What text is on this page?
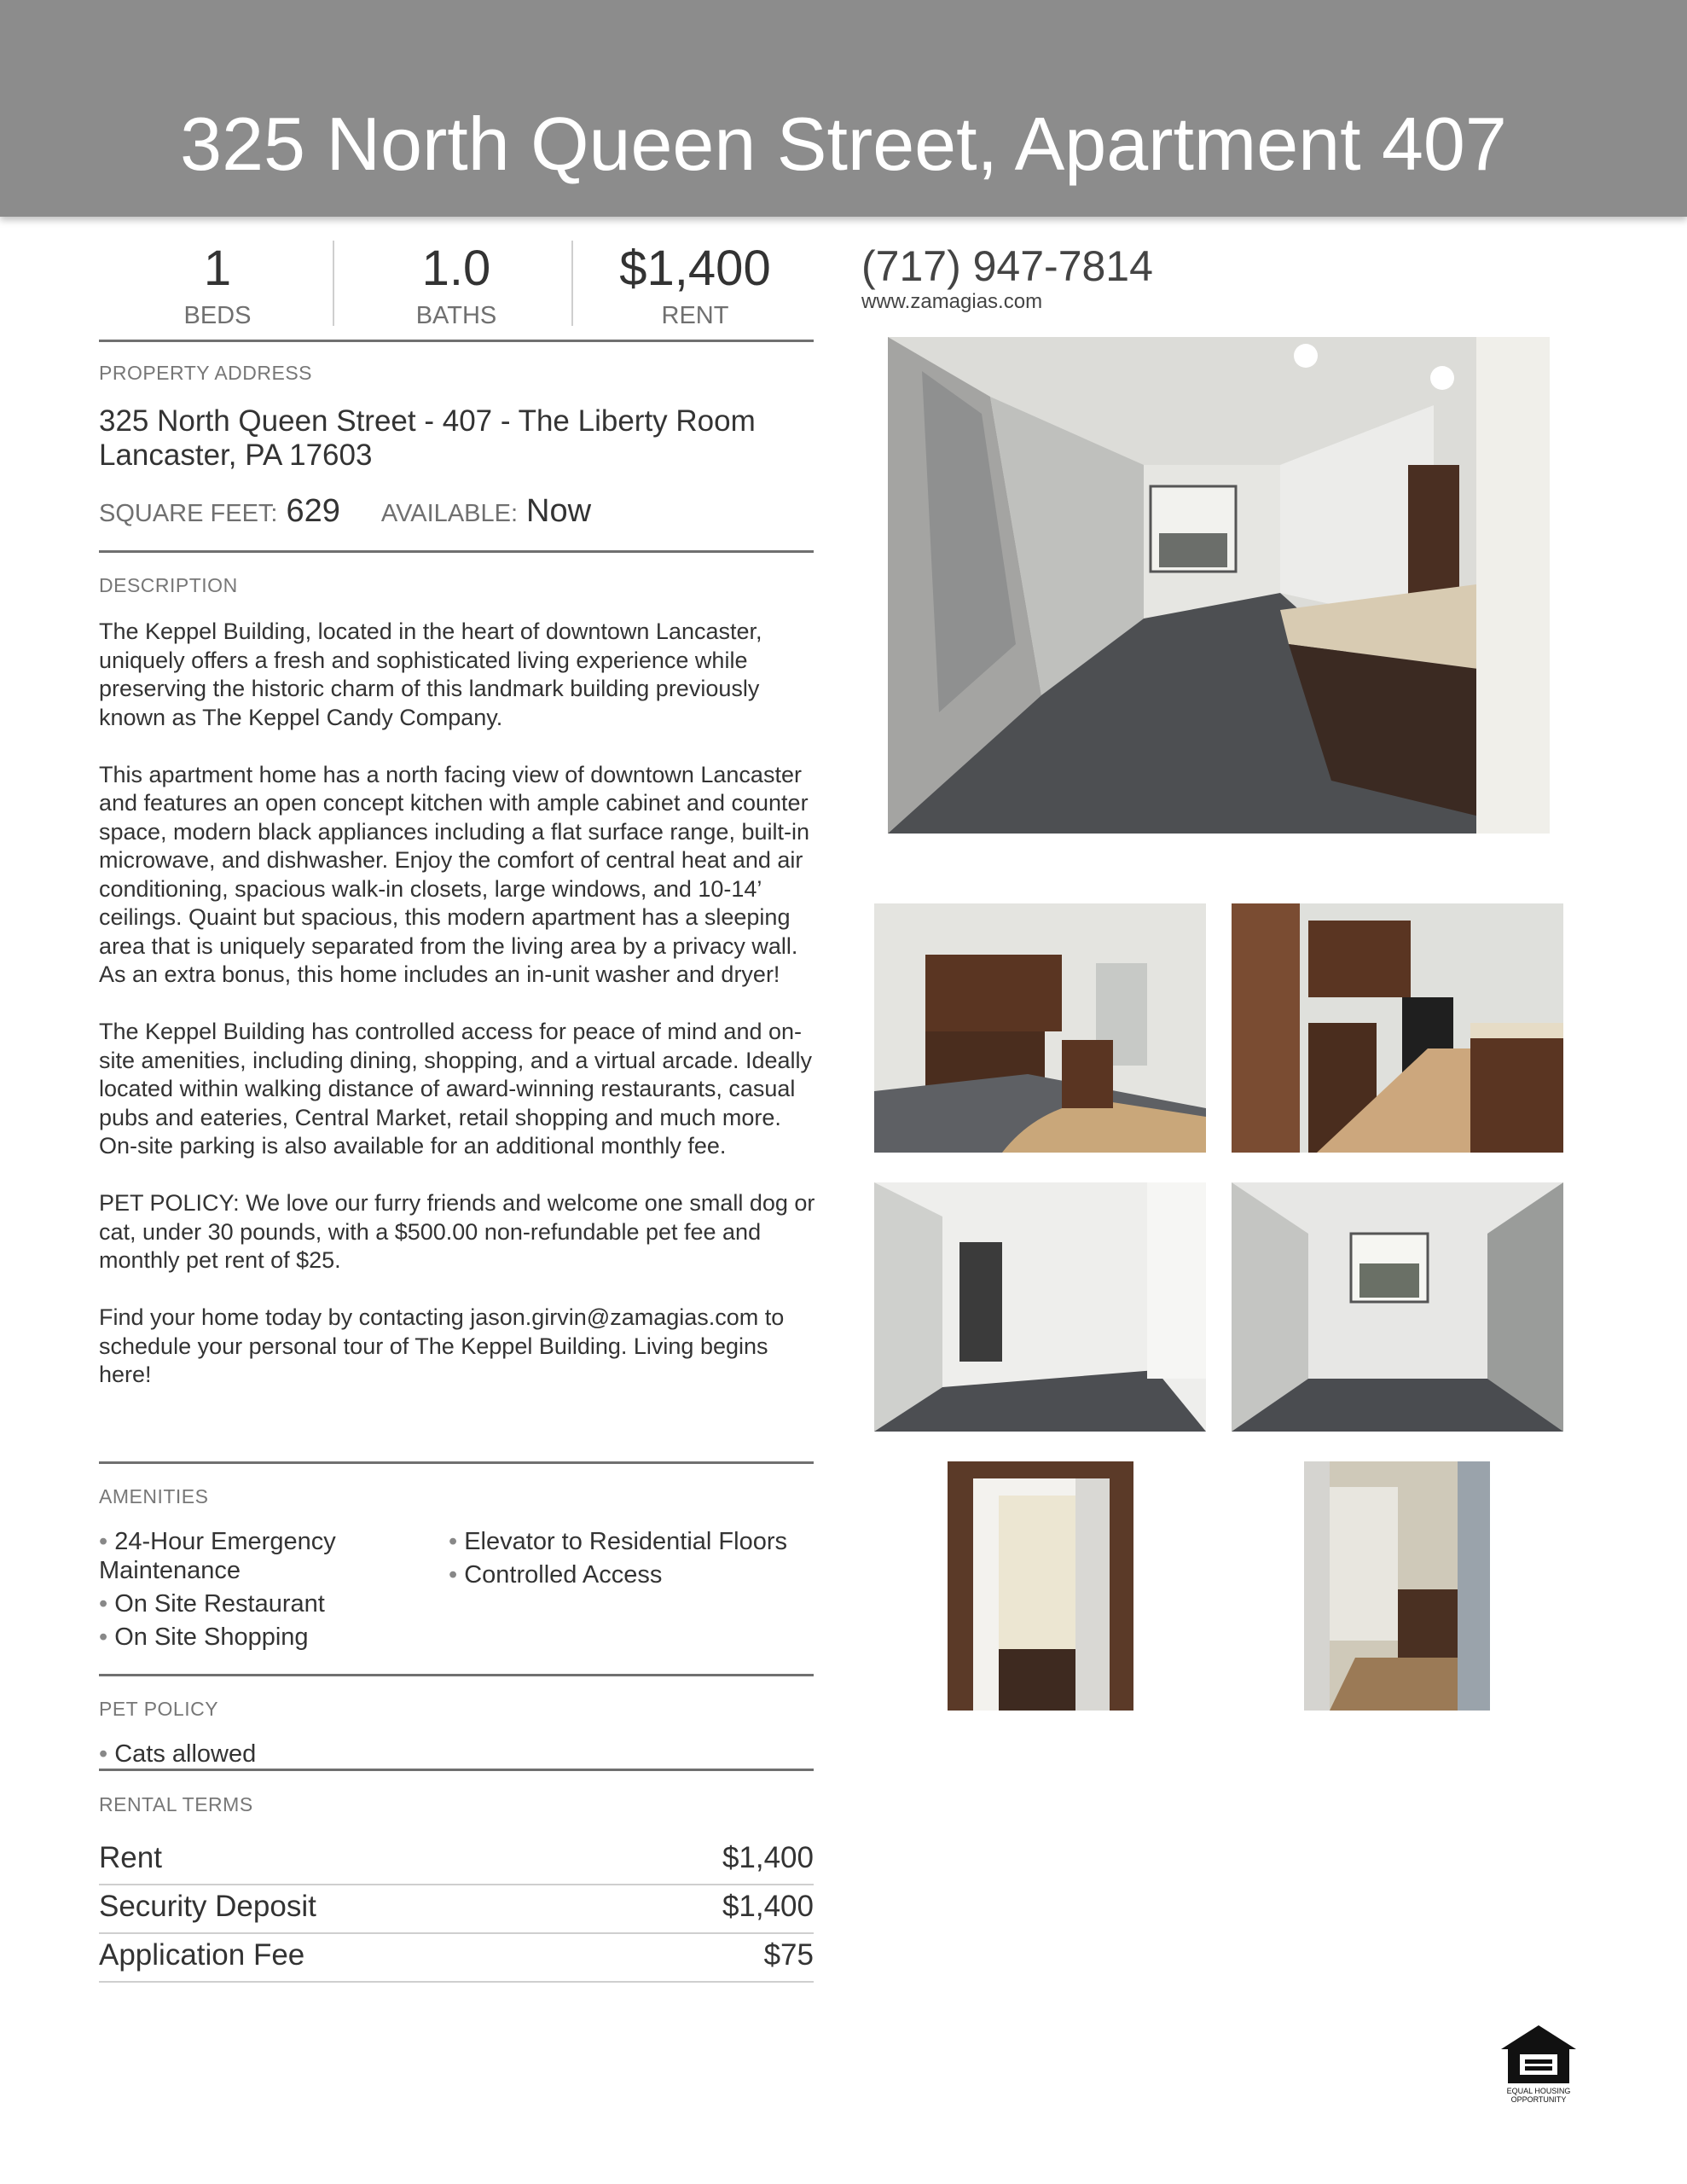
325 North Queen Street, Apartment 407
1
BEDS
1.0
BATHS
$1,400
RENT
(717) 947-7814
www.zamagias.com
PROPERTY ADDRESS
325 North Queen Street - 407 - The Liberty Room
Lancaster, PA 17603
SQUARE FEET: 629 AVAILABLE: Now
DESCRIPTION

The Keppel Building, located in the heart of downtown Lancaster, uniquely offers a fresh and sophisticated living experience while preserving the historic charm of this landmark building previously known as The Keppel Candy Company.

This apartment home has a north facing view of downtown Lancaster and features an open concept kitchen with ample cabinet and counter space, modern black appliances including a flat surface range, built-in microwave, and dishwasher. Enjoy the comfort of central heat and air conditioning, spacious walk-in closets, large windows, and 10-14’ ceilings. Quaint but spacious, this modern apartment has a sleeping area that is uniquely separated from the living area by a privacy wall. As an extra bonus, this home includes an in-unit washer and dryer!

The Keppel Building has controlled access for peace of mind and on-site amenities, including dining, shopping, and a virtual arcade. Ideally located within walking distance of award-winning restaurants, casual pubs and eateries, Central Market, retail shopping and much more. On-site parking is also available for an additional monthly fee.

PET POLICY: We love our furry friends and welcome one small dog or cat, under 30 pounds, with a $500.00 non-refundable pet fee and monthly pet rent of $25.

Find your home today by contacting jason.girvin@zamagias.com to schedule your personal tour of The Keppel Building. Living begins here!

AMENITIES
• 24-Hour Emergency Maintenance
• On Site Restaurant
• On Site Shopping
• Elevator to Residential Floors
• Controlled Access
PET POLICY
• Cats allowed
RENTAL TERMS
Rent	$1,400
Security Deposit	$1,400
Application Fee	$75
EQUAL HOUSING
OPPORTUNITY
